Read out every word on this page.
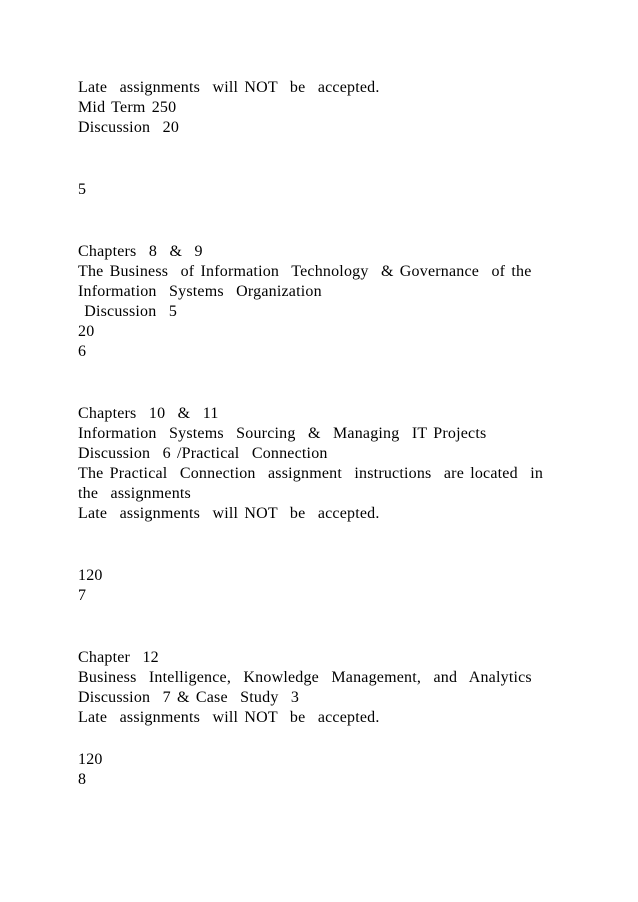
Late  assignments  will NOT  be  accepted.
Mid Term 250
Discussion  20
5
Chapters  8  &  9
The Business  of Information  Technology  & Governance  of the
Information  Systems  Organization
Discussion  5
20
6
Chapters  10  &  11
Information  Systems  Sourcing  &  Managing  IT Projects
Discussion  6 /Practical  Connection
The Practical  Connection  assignment  instructions  are located  in
the  assignments
Late  assignments  will NOT  be  accepted.
120
7
Chapter  12
Business  Intelligence,  Knowledge  Management,  and  Analytics
Discussion  7 & Case  Study  3
Late  assignments  will NOT  be  accepted.
120
8
